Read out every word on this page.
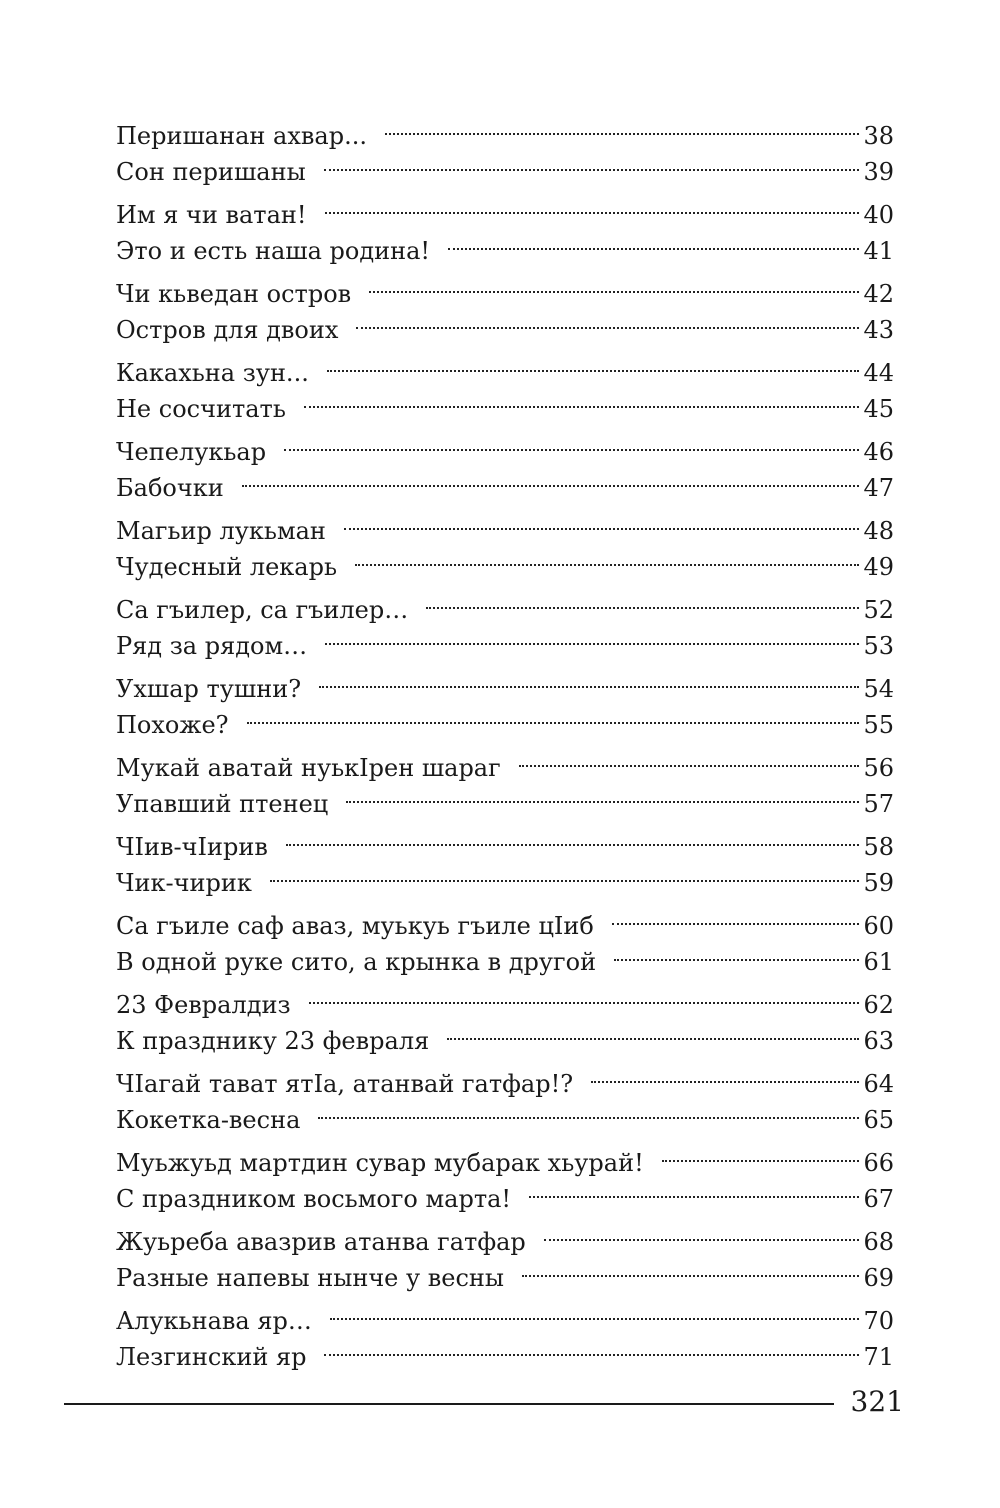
Перишанан ахвар...	38
Сон перишаны	39
Им я чи ватан!	40
Это и есть наша родина!	41
Чи кьведан остров	42
Остров для двоих	43
Какахьна зун...	44
Не сосчитать	45
Чепелукьар	46
Бабочки	47
Магьир лукьман	48
Чудесный лекарь	49
Са гъилер, са гъилер…	52
Ряд за рядом…	53
Ухшар тушни?	54
Похоже?	55
Мукай аватай нуькIрен шараг	56
Упавший птенец	57
ЧIив-чIирив	58
Чик-чирик	59
Са гъиле саф аваз, муькуь гъиле цIиб	60
В одной руке сито, а крынка в другой	61
23 Февралдиз	62
К празднику 23 февраля	63
ЧIагай тават ятIа, атанвай гатфар!?	64
Кокетка-весна	65
Муьжуьд мартдин сувар мубарак хьурай!	66
С праздником восьмого марта!	67
Жуьреба авазрив атанва гатфар	68
Разные напевы нынче у весны	69
Алукьнава яр…	70
Лезгинский яр	71
321
